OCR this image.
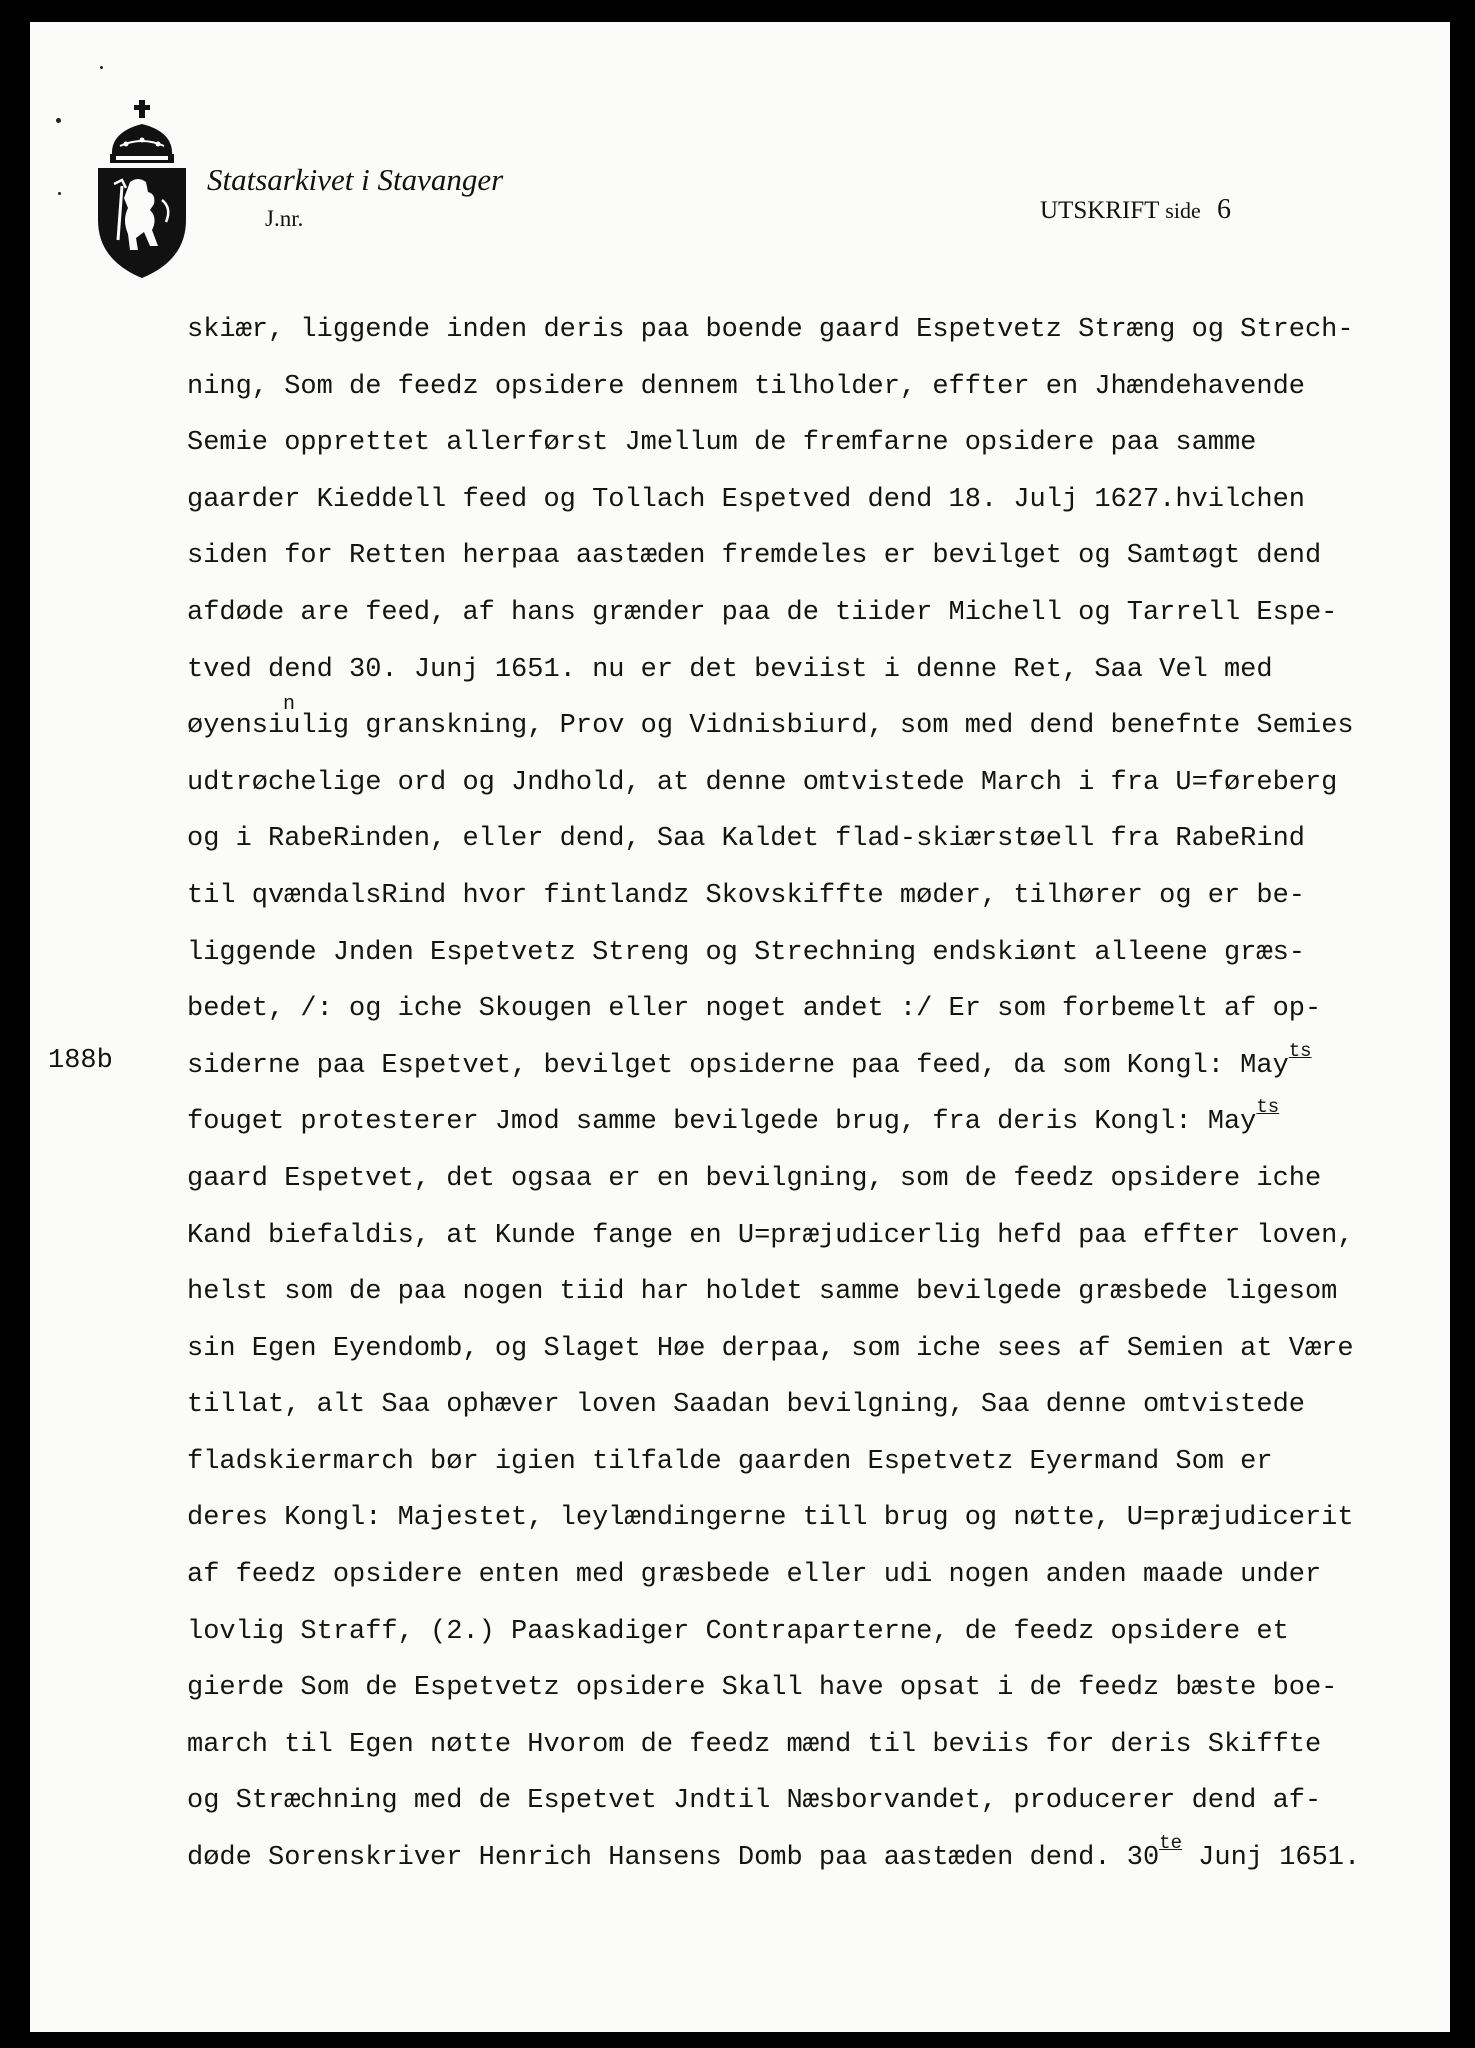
Statsarkivet i Stavanger
J.nr.	UTSKRIFT side 6
188b
skiær, liggende inden deris paa boende gaard Espetvetz Stræng og Strech-
ning, Som de feedz opsidere dennem tilholder, effter en Jhændehavende
Semie opprettet allerførst Jmellum de fremfarne opsidere paa samme
gaarder Kieddell feed og Tollach Espetved dend 18. Julj 1627.hvilchen
siden for Retten herpaa aastæden fremdeles er bevilget og Samtøgt dend
afdøde are feed, af hans grænder paa de tiider Michell og Tarrell Espe-
tved dend 30. Junj 1651. nu er det beviist i denne Ret, Saa Vel med
øyensiulig
n
granskning, Prov og Vidnisbiurd, som med dend benefnte Semies
udtrøchelige ord og Jndhold, at denne omtvistede March i fra U=føreberg
og i RabeRinden, eller dend, Saa Kaldet flad-skiærstøell fra RabeRind
til qvændalsRind hvor fintlandz Skovskiffte møder, tilhører og er be-
liggende Jnden Espetvetz Streng og Strechning endskiønt alleene græs-
bedet, /: og iche Skougen eller noget andet :/ Er som forbemelt af op-
siderne paa Espetvet, bevilget opsiderne paa feed, da som Kongl: May$^{ts}$
fouget protesterer Jmod samme bevilgede brug, fra deris Kongl: May$^{ts}$
gaard Espetvet, det ogsaa er en bevilgning, som de feedz opsidere iche
Kand biefaldis, at Kunde fange en U=præjudicerlig hefd paa effter loven,
helst som de paa nogen tiid har holdet samme bevilgede græsbede ligesom
sin Egen Eyendomb, og Slaget Høe derpaa, som iche sees af Semien at Være
tillat, alt Saa ophæver loven Saadan bevilgning, Saa denne omtvistede
fladskiermarch bør igien tilfalde gaarden Espetvetz Eyermand Som er
deres Kongl: Majestet, leylændingerne till brug og nøtte, U=præjudicerit
af feedz opsidere enten med græsbede eller udi nogen anden maade under
lovlig Straff, (2.) Paaskadiger Contraparterne, de feedz opsidere et
gierde Som de Espetvetz opsidere Skall have opsat i de feedz bæste boe-
march til Egen nøtte Hvorom de feedz mænd til beviis for deris Skiffte
og Stræchning med de Espetvet Jndtil Næsborvandet, producerer dend af-
døde Sorenskriver Henrich Hansens Domb paa aastæden dend. $30^{te}$ Junj 1651.
